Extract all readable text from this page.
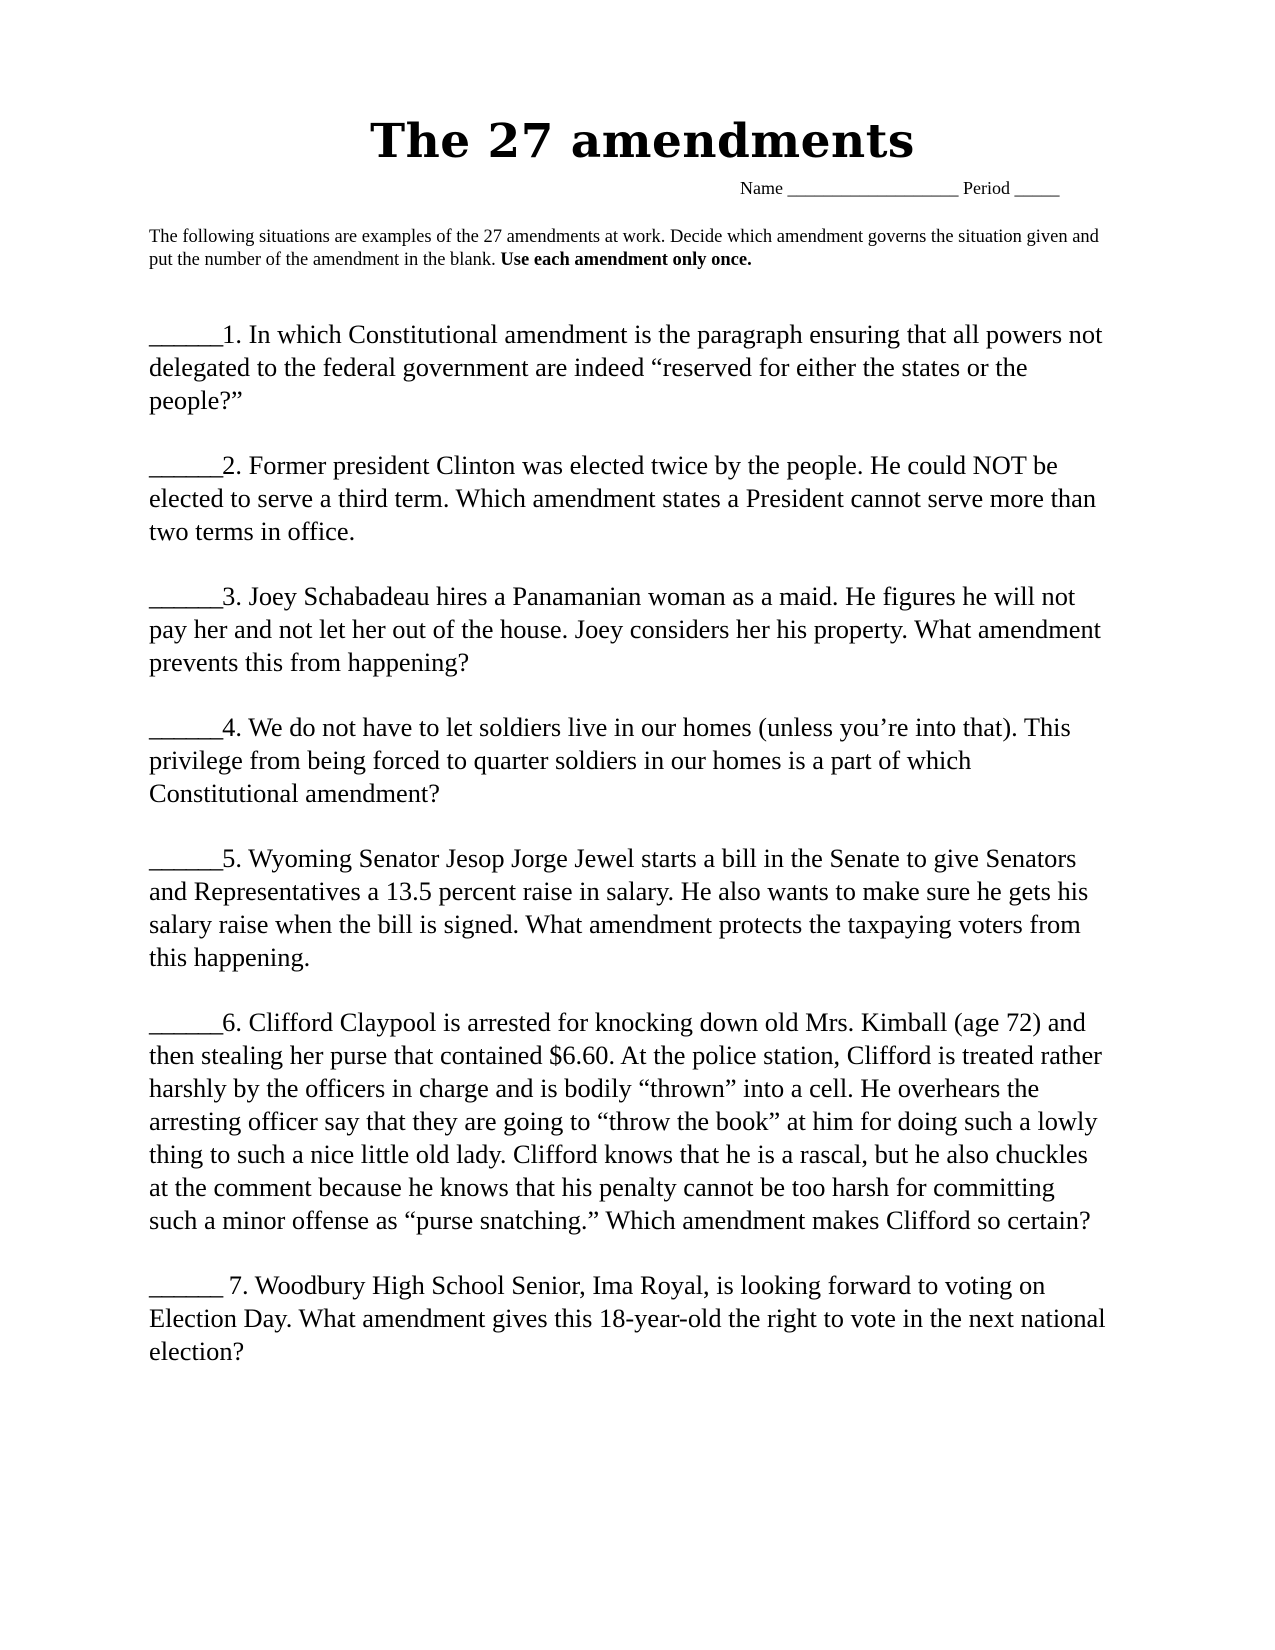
The 27 amendments
Name ___________________ Period _____
The following situations are examples of the 27 amendments at work. Decide which amendment governs the situation given and put the number of the amendment in the blank. Use each amendment only once.

______1. In which Constitutional amendment is the paragraph ensuring that all powers not delegated to the federal government are indeed “reserved for either the states or the people?”

______2. Former president Clinton was elected twice by the people. He could NOT be elected to serve a third term. Which amendment states a President cannot serve more than two terms in office.

______3. Joey Schabadeau hires a Panamanian woman as a maid. He figures he will not pay her and not let her out of the house. Joey considers her his property. What amendment prevents this from happening?

______4. We do not have to let soldiers live in our homes (unless you’re into that). This privilege from being forced to quarter soldiers in our homes is a part of which Constitutional amendment?

______5. Wyoming Senator Jesop Jorge Jewel starts a bill in the Senate to give Senators and Representatives a 13.5 percent raise in salary. He also wants to make sure he gets his salary raise when the bill is signed. What amendment protects the taxpaying voters from this happening.

______6. Clifford Claypool is arrested for knocking down old Mrs. Kimball (age 72) and then stealing her purse that contained $6.60. At the police station, Clifford is treated rather harshly by the officers in charge and is bodily “thrown” into a cell. He overhears the arresting officer say that they are going to “throw the book” at him for doing such a lowly thing to such a nice little old lady. Clifford knows that he is a rascal, but he also chuckles at the comment because he knows that his penalty cannot be too harsh for committing such a minor offense as “purse snatching.” Which amendment makes Clifford so certain?

______ 7. Woodbury High School Senior, Ima Royal, is looking forward to voting on Election Day. What amendment gives this 18-year-old the right to vote in the next national election?
